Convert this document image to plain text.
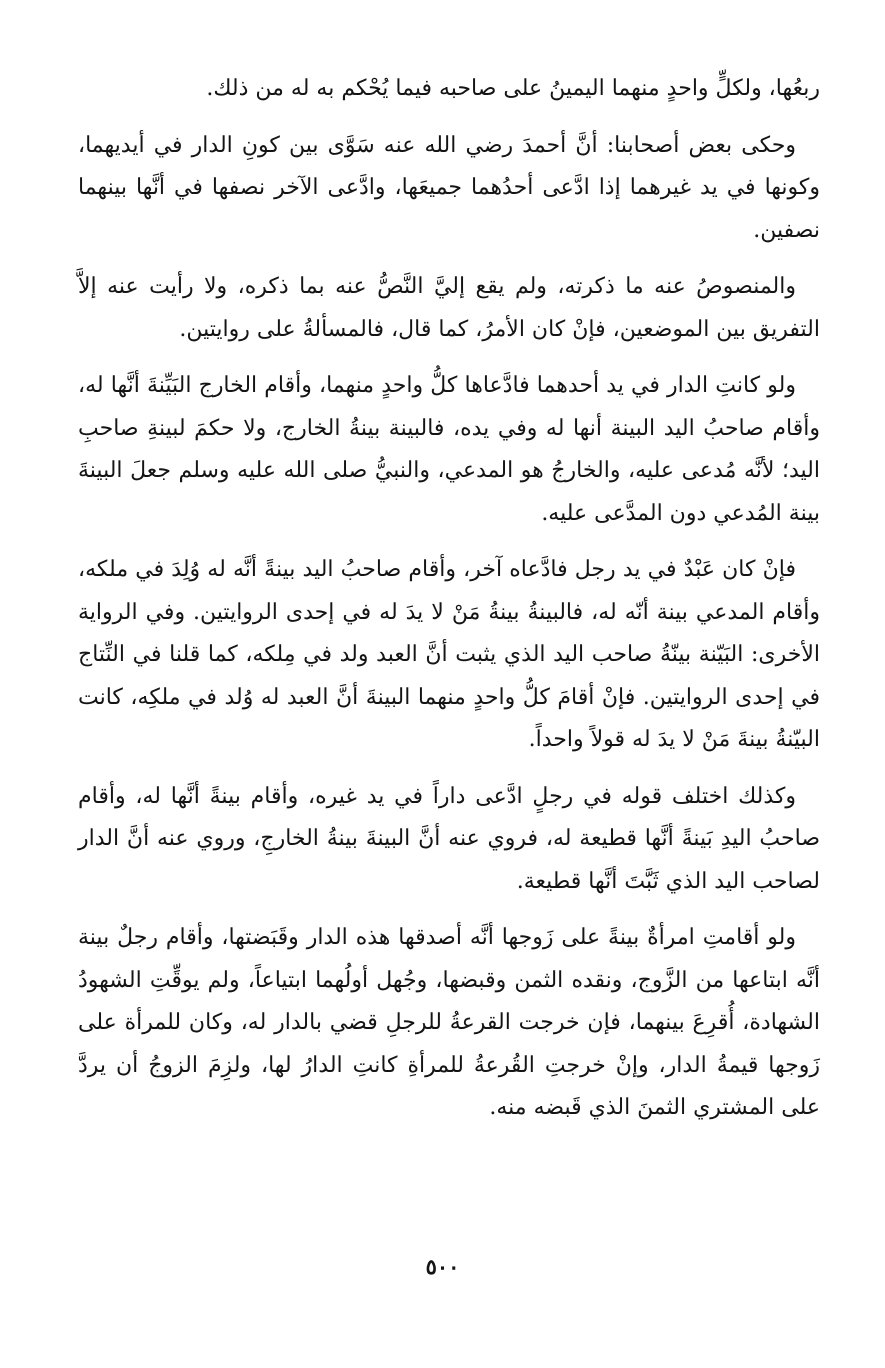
ربعُها، ولكلٍّ واحدٍ منهما اليمينُ على صاحبه فيما يُحْكم به له من ذلك.

وحكى بعض أصحابنا: أنَّ أحمدَ رضي الله عنه سَوَّى بين كونِ الدار في أيديهما، وكونها في يد غيرهما إذا ادَّعى أحدُهما جميعَها، وادَّعى الآخر نصفها في أنَّها بينهما نصفين.

والمنصوصُ عنه ما ذكرته، ولم يقع إليَّ النَّصُّ عنه بما ذكره، ولا رأيت عنه إلاَّ التفريق بين الموضعين، فإنْ كان الأمرُ، كما قال، فالمسألةُ على روايتين.

ولو كانتِ الدار في يد أحدهما فادَّعاها كلُّ واحدٍ منهما، وأقام الخارج البَيِّنةَ أنَّها له، وأقام صاحبُ اليد البينة أنها له وفي يده، فالبينة بينةُ الخارج، ولا حكمَ لبينةِ صاحبِ اليد؛ لأنَّه مُدعى عليه، والخارجُ هو المدعي، والنبيُّ صلى الله عليه وسلم جعلَ البينةَ بينة المُدعي دون المدَّعى عليه.

فإنْ كان عَبْدٌ في يد رجل فادَّعاه آخر، وأقام صاحبُ اليد بينةً أنَّه له وُلِدَ في ملكه، وأقام المدعي بينة أنّه له، فالبينةُ بينةُ مَنْ لا يدَ له في إحدى الروايتين. وفي الرواية الأخرى: البَيّنة بينّةُ صاحب اليد الذي يثبت أنَّ العبد ولد في مِلكه، كما قلنا في النِّتاج في إحدى الروايتين. فإنْ أقامَ كلُّ واحدٍ منهما البينةَ أنَّ العبد له وُلد في ملكِه، كانت البيّنةُ بينةَ مَنْ لا يدَ له قولاً واحداً.

وكذلك اختلف قوله في رجلٍ ادَّعى داراً في يد غيره، وأقام بينةً أنَّها له، وأقام صاحبُ اليدِ بَينةً أنَّها قطيعة له، فروي عنه أنَّ البينةَ بينةُ الخارجِ، وروي عنه أنَّ الدار لصاحب اليد الذي ثَبَّتَ أنَّها قطيعة.

ولو أقامتِ امرأةٌ بينةً على زَوجها أنَّه أصدقها هذه الدار وقَبَضتها، وأقام رجلٌ بينة أنَّه ابتاعها من الزَّوج، ونقده الثمن وقبضها، وجُهل أولُهما ابتياعاً، ولم يوقِّتِ الشهودُ الشهادة، أُقرِعَ بينهما، فإن خرجت القرعةُ للرجلِ قضي بالدار له، وكان للمرأة على زَوجها قيمةُ الدار، وإنْ خرجتِ القُرعةُ للمرأةِ كانتِ الدارُ لها، ولزِمَ الزوجُ أن يردَّ على المشتري الثمنَ الذي قَبضه منه.

٥٠٠
